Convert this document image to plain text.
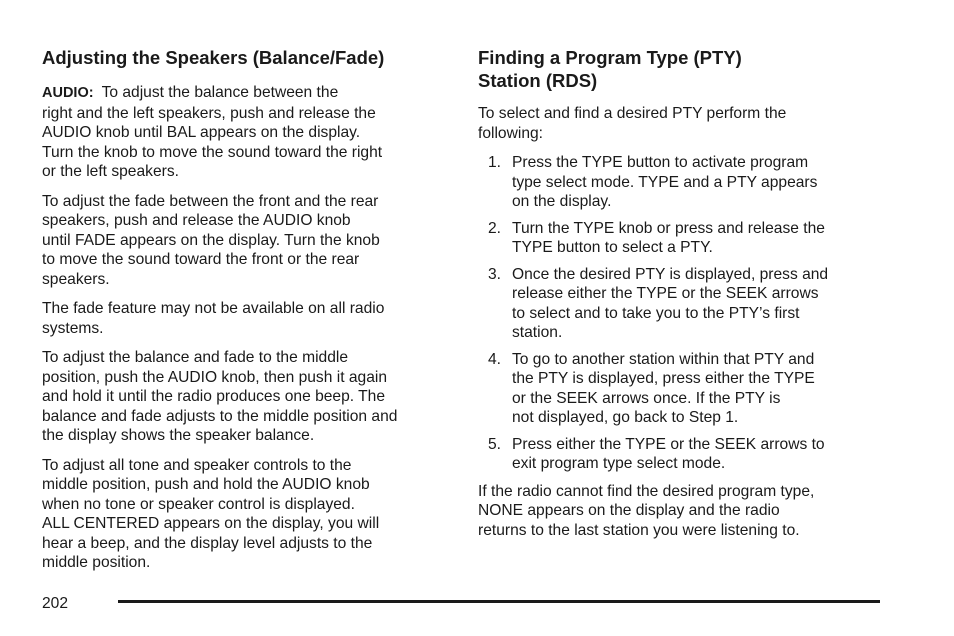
Adjusting the Speakers (Balance/Fade)

AUDIO: To adjust the balance between the
right and the left speakers, push and release the
AUDIO knob until BAL appears on the display.
Turn the knob to move the sound toward the right
or the left speakers.

To adjust the fade between the front and the rear
speakers, push and release the AUDIO knob
until FADE appears on the display. Turn the knob
to move the sound toward the front or the rear
speakers.

The fade feature may not be available on all radio
systems.

To adjust the balance and fade to the middle
position, push the AUDIO knob, then push it again
and hold it until the radio produces one beep. The
balance and fade adjusts to the middle position and
the display shows the speaker balance.

To adjust all tone and speaker controls to the
middle position, push and hold the AUDIO knob
when no tone or speaker control is displayed.
ALL CENTERED appears on the display, you will
hear a beep, and the display level adjusts to the
middle position.

Finding a Program Type (PTY)
Station (RDS)

To select and find a desired PTY perform the
following:

1. Press the TYPE button to activate program
type select mode. TYPE and a PTY appears
on the display.
2. Turn the TYPE knob or press and release the
TYPE button to select a PTY.
3. Once the desired PTY is displayed, press and
release either the TYPE or the SEEK arrows
to select and to take you to the PTY’s first
station.
4. To go to another station within that PTY and
the PTY is displayed, press either the TYPE
or the SEEK arrows once. If the PTY is
not displayed, go back to Step 1.
5. Press either the TYPE or the SEEK arrows to
exit program type select mode.

If the radio cannot find the desired program type,
NONE appears on the display and the radio
returns to the last station you were listening to.

202
